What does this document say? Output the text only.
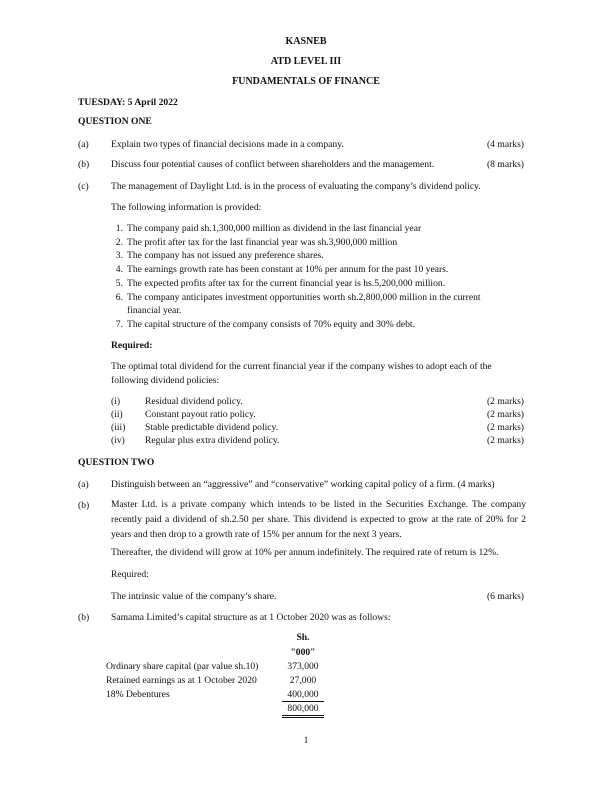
KASNEB
ATD LEVEL III
FUNDAMENTALS OF FINANCE
TUESDAY: 5 April 2022
QUESTION ONE
(a) Explain two types of financial decisions made in a company.	(4 marks)
(b) Discuss four potential causes of conflict between shareholders and the management.	(8 marks)
(c) The management of Daylight Ltd. is in the process of evaluating the company’s dividend policy.
The following information is provided:
1. The company paid sh.1,300,000 million as dividend in the last financial year
2. The profit after tax for the last financial year was sh.3,900,000 million
3. The company has not issued any preference shares.
4. The earnings growth rate has been constant at 10% per annum for the past 10 years.
5. The expected profits after tax for the current financial year is hs.5,200,000 million.
6. The company anticipates investment opportunities worth sh.2,800,000 million in the current
financial year.
7. The capital structure of the company consists of 70% equity and 30% debt.
Required:
The optimal total dividend for the current financial year if the company wishes to adopt each of the
following dividend policies:
(i)	Residual dividend policy.	(2 marks)
(ii) Constant payout ratio policy.	(2 marks)
(iii) Stable predictable dividend policy.	(2 marks)
(iv) Regular plus extra dividend policy.	(2 marks)
QUESTION TWO
(a) Distinguish between an “aggressive” and “conservative” working capital policy of a firm. (4 marks)
(b) Master Ltd. is a private company which intends to be listed in the Securities Exchange. The company recently paid a dividend of sh.2.50 per share. This dividend is expected to grow at the rate of 20% for 2 years and then drop to a growth rate of 15% per annum for the next 3 years.
Thereafter, the dividend will grow at 10% per annum indefinitely. The required rate of return is 12%.
Required:
The intrinsic value of the company’s share.	(6 marks)
(b) Samama Limited’s capital structure as at 1 October 2020 was as follows:
Sh.
"000"
Ordinary share capital (par value sh.10)	373,000
Retained earnings as at 1 October 2020	27,000
18% Debentures	400,000
800,000
1
